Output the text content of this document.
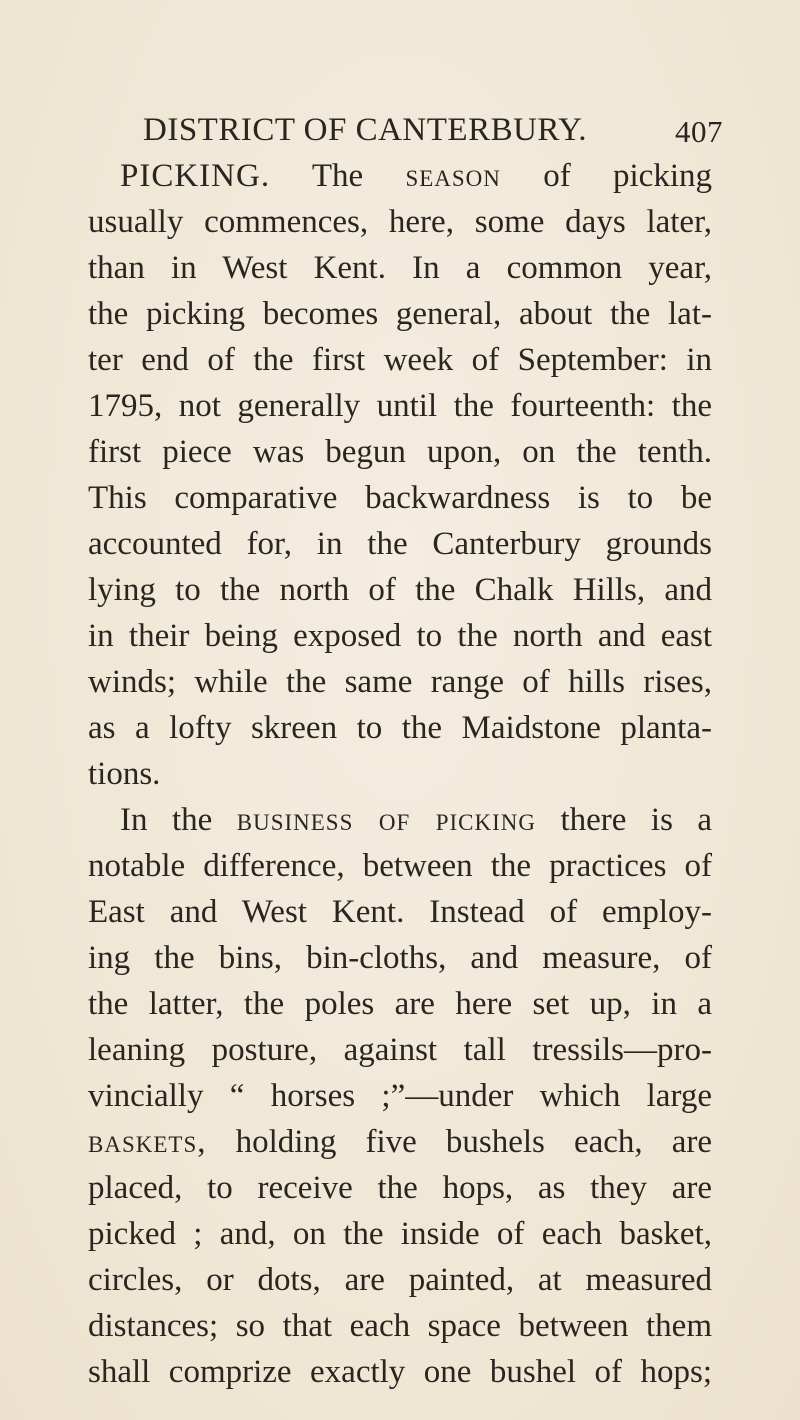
DISTRICT OF CANTERBURY.	407
PICKING. The season of picking
usually commences, here, some days later,
than in West Kent. In a common year,
the picking becomes general, about the lat-
ter end of the first week of September: in
1795, not generally until the fourteenth: the
first piece was begun upon, on the tenth.
This comparative backwardness is to be
accounted for, in the Canterbury grounds
lying to the north of the Chalk Hills, and
in their being exposed to the north and east
winds; while the same range of hills rises,
as a lofty skreen to the Maidstone planta-
tions.
In the business of picking there is a
notable difference, between the practices of
East and West Kent. Instead of employ-
ing the bins, bin-cloths, and measure, of
the latter, the poles are here set up, in a
leaning posture, against tall tressils—pro-
vincially “ horses ;”—under which large
baskets, holding five bushels each, are
placed, to receive the hops, as they are
picked ; and, on the inside of each basket,
circles, or dots, are painted, at measured
distances; so that each space between them
shall comprize exactly one bushel of hops;
